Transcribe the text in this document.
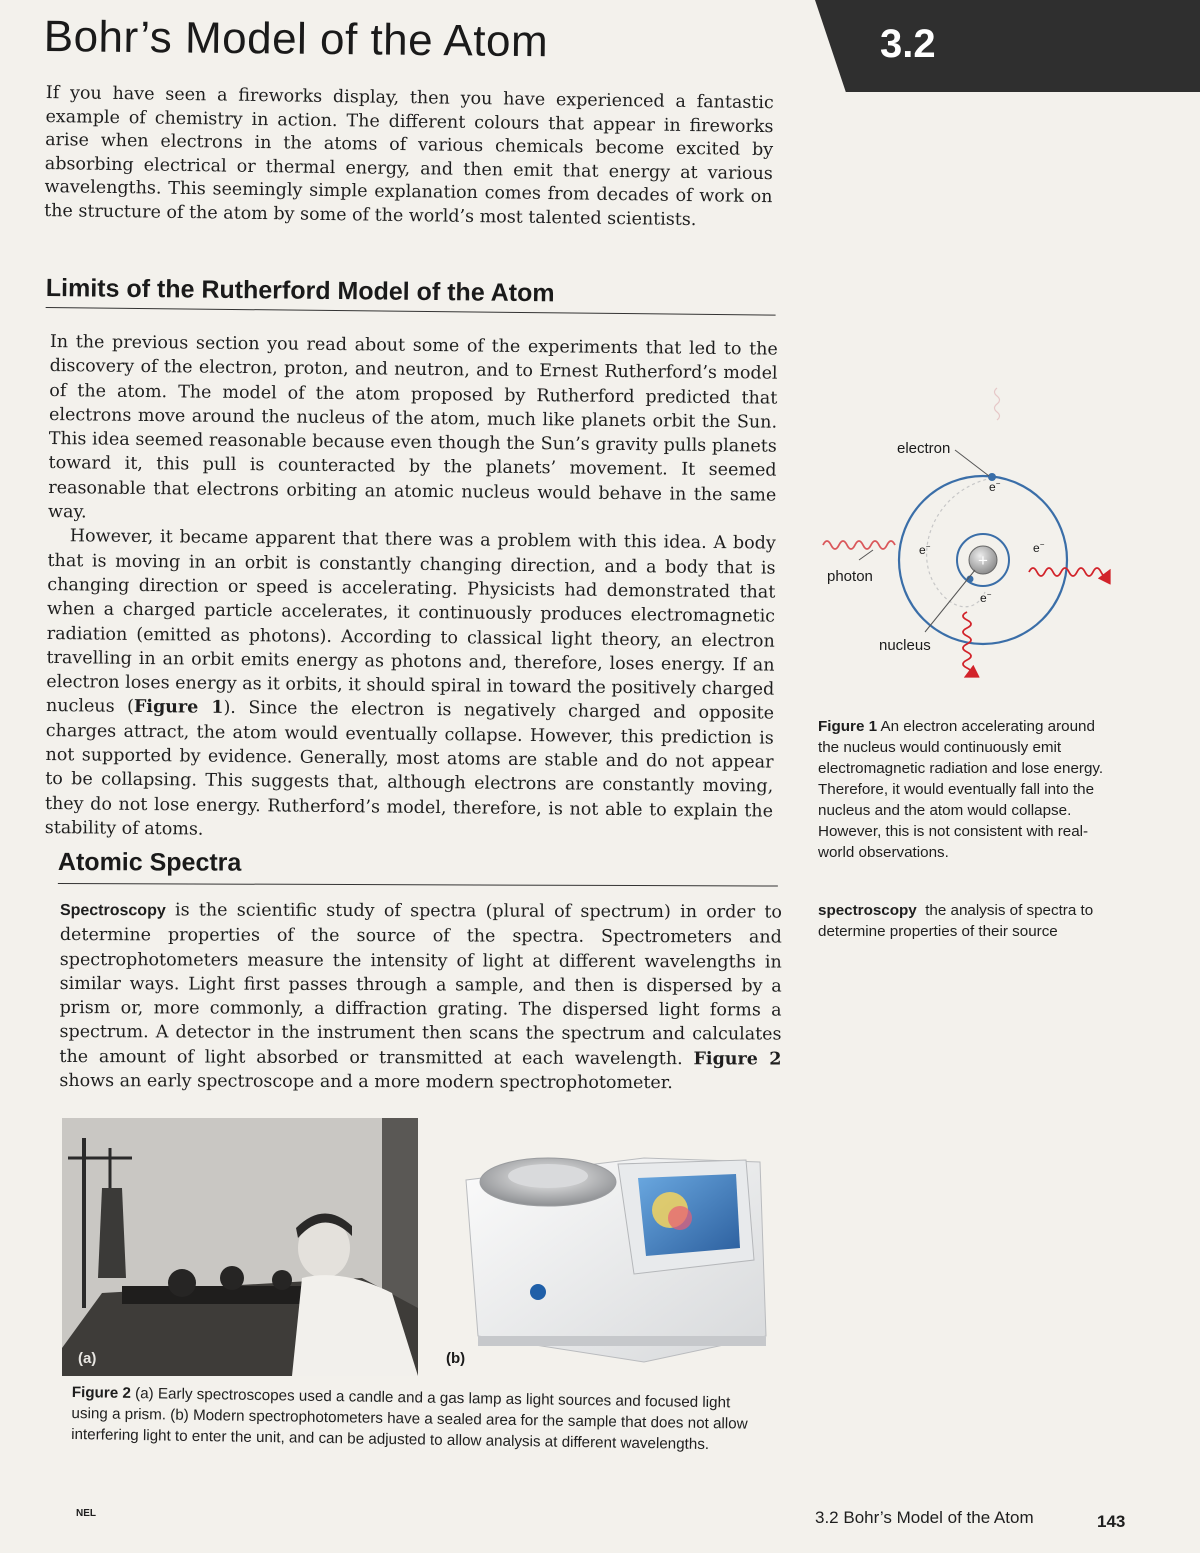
3.2
Bohr’s Model of the Atom

If you have seen a fireworks display, then you have experienced a fantastic example of chemistry in action. The different colours that appear in fireworks arise when electrons in the atoms of various chemicals become excited by absorbing electrical or thermal energy, and then emit that energy at various wavelengths. This seemingly simple explanation comes from decades of work on the structure of the atom by some of the world’s most talented scientists.

Limits of the Rutherford Model of the Atom

In the previous section you read about some of the experiments that led to the discovery of the electron, proton, and neutron, and to Ernest Rutherford’s model of the atom. The model of the atom proposed by Rutherford predicted that electrons move around the nucleus of the atom, much like planets orbit the Sun. This idea seemed reasonable because even though the Sun’s gravity pulls planets toward it, this pull is counteracted by the planets’ movement. It seemed reasonable that electrons orbiting an atomic nucleus would behave in the same way.

However, it became apparent that there was a problem with this idea. A body that is moving in an orbit is constantly changing direction, and a body that is changing direction or speed is accelerating. Physicists had demonstrated that when a charged particle accelerates, it continuously produces electromagnetic radiation (emitted as photons). According to classical light theory, an electron travelling in an orbit emits energy as photons and, therefore, loses energy. If an electron loses energy as it orbits, it should spiral in toward the positively charged nucleus (Figure 1). Since the electron is negatively charged and opposite charges attract, the atom would eventually collapse. However, this prediction is not supported by evidence. Generally, most atoms are stable and do not appear to be collapsing. This suggests that, although electrons are constantly moving, they do not lose energy. Rutherford’s model, therefore, is not able to explain the stability of atoms.

+
electron
photon
nucleus
e−
e−	e−
e−
Figure 1 An electron accelerating around the nucleus would continuously emit electromagnetic radiation and lose energy. Therefore, it would eventually fall into the nucleus and the atom would collapse. However, this is not consistent with real-world observations.
spectroscopy  the analysis of spectra to determine properties of their source
Atomic Spectra

Spectroscopy is the scientific study of spectra (plural of spectrum) in order to determine properties of the source of the spectra. Spectrometers and spectrophotometers measure the intensity of light at different wavelengths in similar ways. Light first passes through a sample, and then is dispersed by a prism or, more commonly, a diffraction grating. The dispersed light forms a spectrum. A detector in the instrument then scans the spectrum and calculates the amount of light absorbed or transmitted at each wavelength. Figure 2 shows an early spectroscope and a more modern spectrophotometer.

(a)	(b)
Figure 2 (a) Early spectroscopes used a candle and a gas lamp as light sources and focused light using a prism. (b) Modern spectrophotometers have a sealed area for the sample that does not allow interfering light to enter the unit, and can be adjusted to allow analysis at different wavelengths.
NEL	3.2 Bohr’s Model of the Atom	143
